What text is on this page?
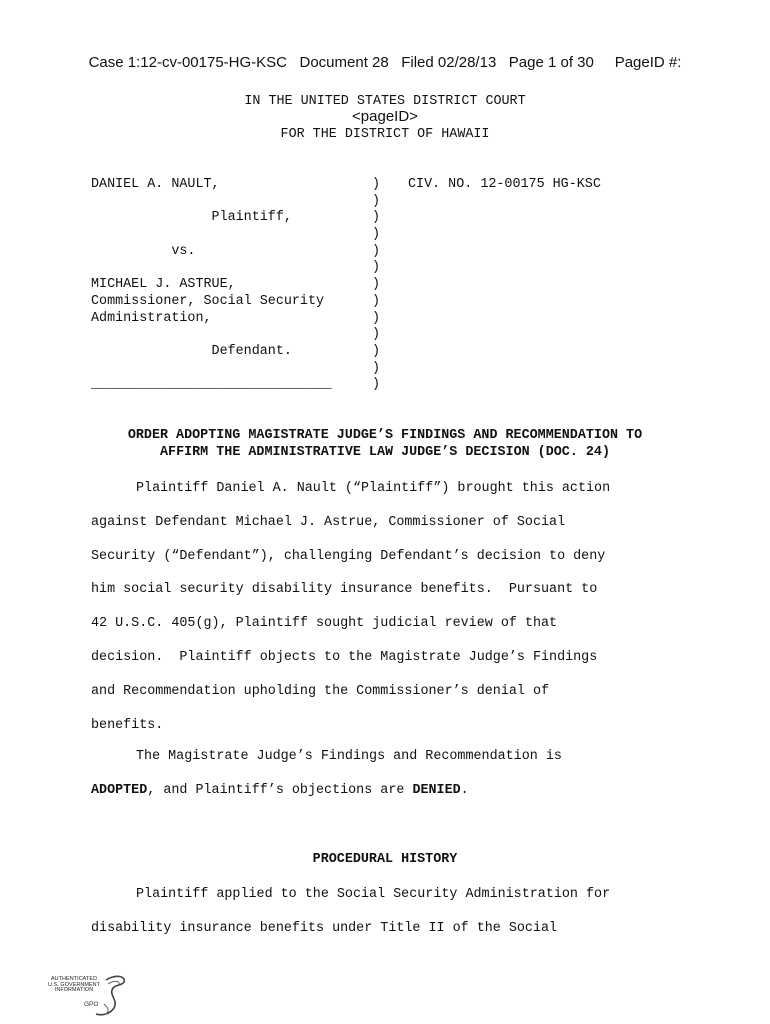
Case 1:12-cv-00175-HG-KSC   Document 28   Filed 02/28/13   Page 1 of 30     PageID #:

<pageID>

IN THE UNITED STATES DISTRICT COURT
FOR THE DISTRICT OF HAWAII
DANIEL A. NAULT,
Plaintiff,
vs.
MICHAEL J. ASTRUE,
Commissioner, Social Security
Administration,
Defendant.
______________________________
)
)
)
)
)
)
)
)
)
)
)
)
)
CIV. NO. 12-00175 HG-KSC
ORDER ADOPTING MAGISTRATE JUDGE’S FINDINGS AND RECOMMENDATION TO
AFFIRM THE ADMINISTRATIVE LAW JUDGE’S DECISION (DOC. 24)
Plaintiff Daniel A. Nault (“Plaintiff”) brought this action
against Defendant Michael J. Astrue, Commissioner of Social
Security (“Defendant”), challenging Defendant’s decision to deny
him social security disability insurance benefits.  Pursuant to
42 U.S.C. 405(g), Plaintiff sought judicial review of that
decision.  Plaintiff objects to the Magistrate Judge’s Findings
and Recommendation upholding the Commissioner’s denial of
benefits.
The Magistrate Judge’s Findings and Recommendation is
ADOPTED, and Plaintiff’s objections are DENIED.
PROCEDURAL HISTORY
Plaintiff applied to the Social Security Administration for
disability insurance benefits under Title II of the Social
AUTHENTICATED
U.S. GOVERNMENT
INFORMATION
GPO
